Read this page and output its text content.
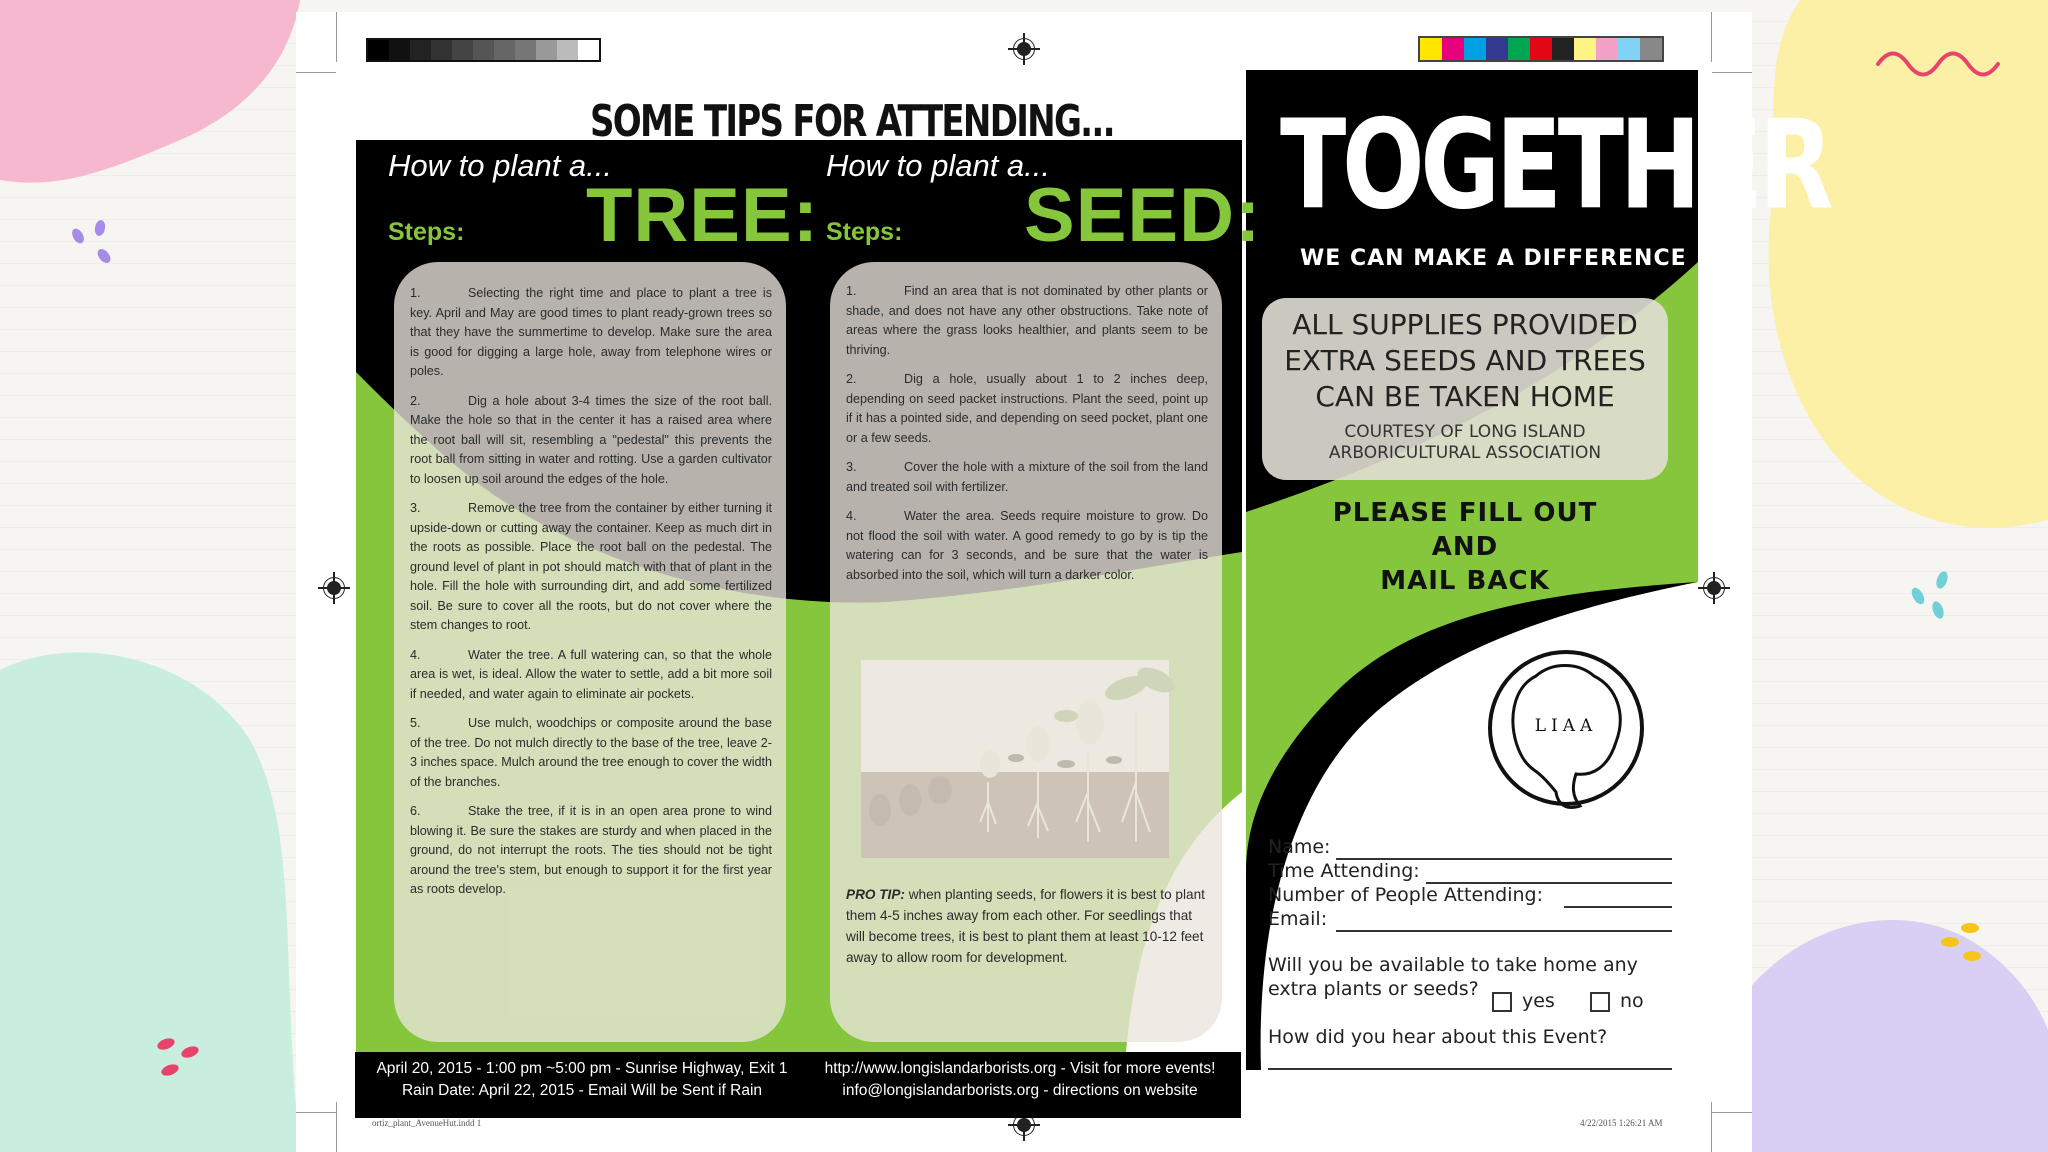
SOME TIPS FOR ATTENDING...
How to plant a...
Steps: TREE:

1.	Selecting the right time and place to plant a tree is key. April and May are good times to plant ready-grown trees so that they have the summertime to develop. Make sure the area is good for digging a large hole, away from telephone wires or poles.

2.	Dig a hole about 3-4 times the size of the root ball. Make the hole so that in the center it has a raised area where the root ball will sit, resembling a "pedestal" this prevents the root ball from sitting in water and rotting. Use a garden cultivator to loosen up soil around the edges of the hole.

3.	Remove the tree from the container by either turning it upside-down or cutting away the container. Keep as much dirt in the roots as possible. Place the root ball on the pedestal. The ground level of plant in pot should match with that of plant in the hole. Fill the hole with surrounding dirt, and add some fertilized soil. Be sure to cover all the roots, but do not cover where the stem changes to root.

4.	Water the tree. A full watering can, so that the whole area is wet, is ideal. Allow the water to settle, add a bit more soil if needed, and water again to eliminate air pockets.

5.	Use mulch, woodchips or composite around the base of the tree. Do not mulch directly to the base of the tree, leave 2-3 inches space. Mulch around the tree enough to cover the width of the branches.

6.	Stake the tree, if it is in an open area prone to wind blowing it. Be sure the stakes are sturdy and when placed in the ground, do not interrupt the roots. The ties should not be tight around the tree's stem, but enough to support it for the first year as roots develop.

How to plant a...
Steps: SEED:

1.	Find an area that is not dominated by other plants or shade, and does not have any other obstructions. Take note of areas where the grass looks healthier, and plants seem to be thriving.

2.	Dig a hole, usually about 1 to 2 inches deep, depending on seed packet instructions. Plant the seed, point up if it has a pointed side, and depending on seed pocket, plant one or a few seeds.

3.	Cover the hole with a mixture of the soil from the land and treated soil with fertilizer.

4.	Water the area. Seeds require moisture to grow. Do not flood the soil with water. A good remedy to go by is tip the watering can for 3 seconds, and be sure that the water is absorbed into the soil, which will turn a darker color.

PRO TIP: when planting seeds, for flowers it is best to plant them 4-5 inches away from each other. For seedlings that will become trees, it is best to plant them at least 10-12 feet away to allow room for development.
April 20, 2015 - 1:00 pm ~5:00 pm - Sunrise Highway, Exit 1
Rain Date: April 22, 2015 - Email Will be Sent if Rain
http://www.longislandarborists.org - Visit for more events!
info@longislandarborists.org - directions on website
TOGETHER
WE CAN MAKE A DIFFERENCE
ALL SUPPLIES PROVIDED
EXTRA SEEDS AND TREES
CAN BE TAKEN HOME
COURTESY OF LONG ISLAND
ARBORICULTURAL ASSOCIATION
PLEASE FILL OUT
AND
MAIL BACK
LIAA
Name:
Time Attending:
Number of People Attending:
Email:
Will you be available to take home any
extra plants or seeds?
yes	no
How did you hear about this Event?
ortiz_plant_AvenueHut.indd 1	4/22/2015 1:26:21 AM
